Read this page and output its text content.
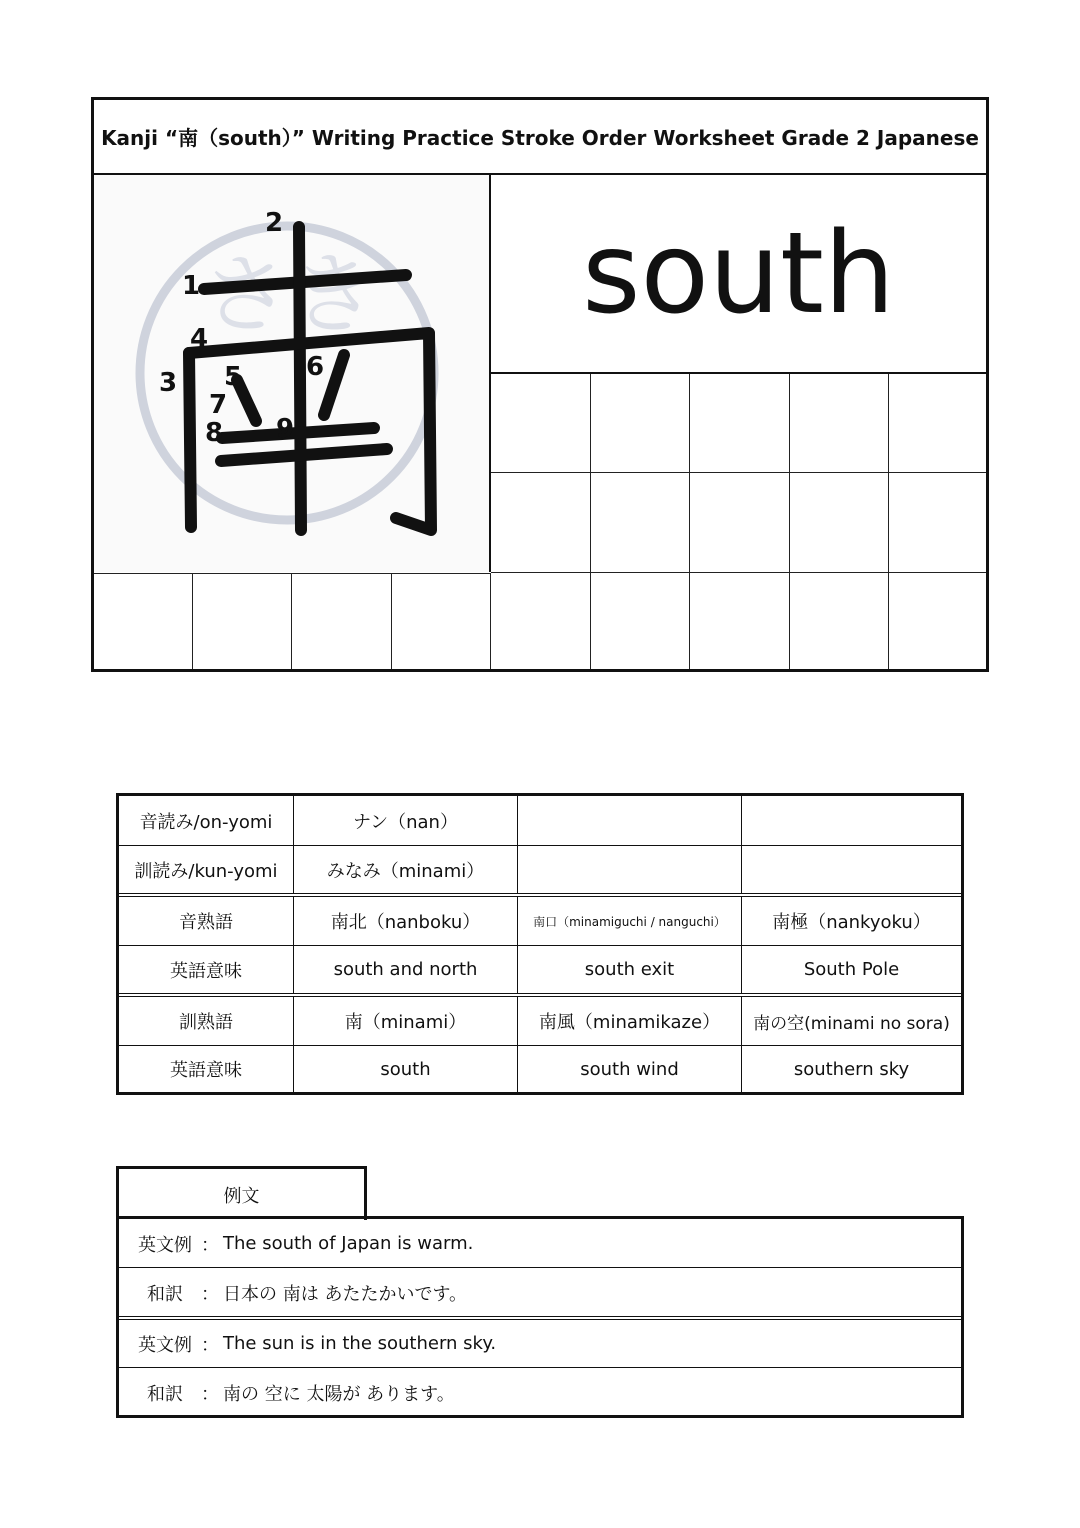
Kanji “南（south）” Writing Practice Stroke Order Worksheet Grade 2 Japanese
さき
2
1
4
3 5 6
7
8 9
south
音読み/on-yomi	ナン（nan）
訓読み/kun-yomi	みなみ（minami）
音熟語	南北（nanboku）	南口（minamiguchi / nanguchi）	南極（nankyoku）
英語意味	south and north	south exit	South Pole
訓熟語	南（minami）	南風（minamikaze）	南の空(minami no sora)
英語意味	south	south wind	southern sky
例文
英文例 ： The south of Japan is warm.
和訳	： 日本の 南は あたたかいです。
英文例 ： The sun is in the southern sky.
和訳	： 南の 空に 太陽が あります。
